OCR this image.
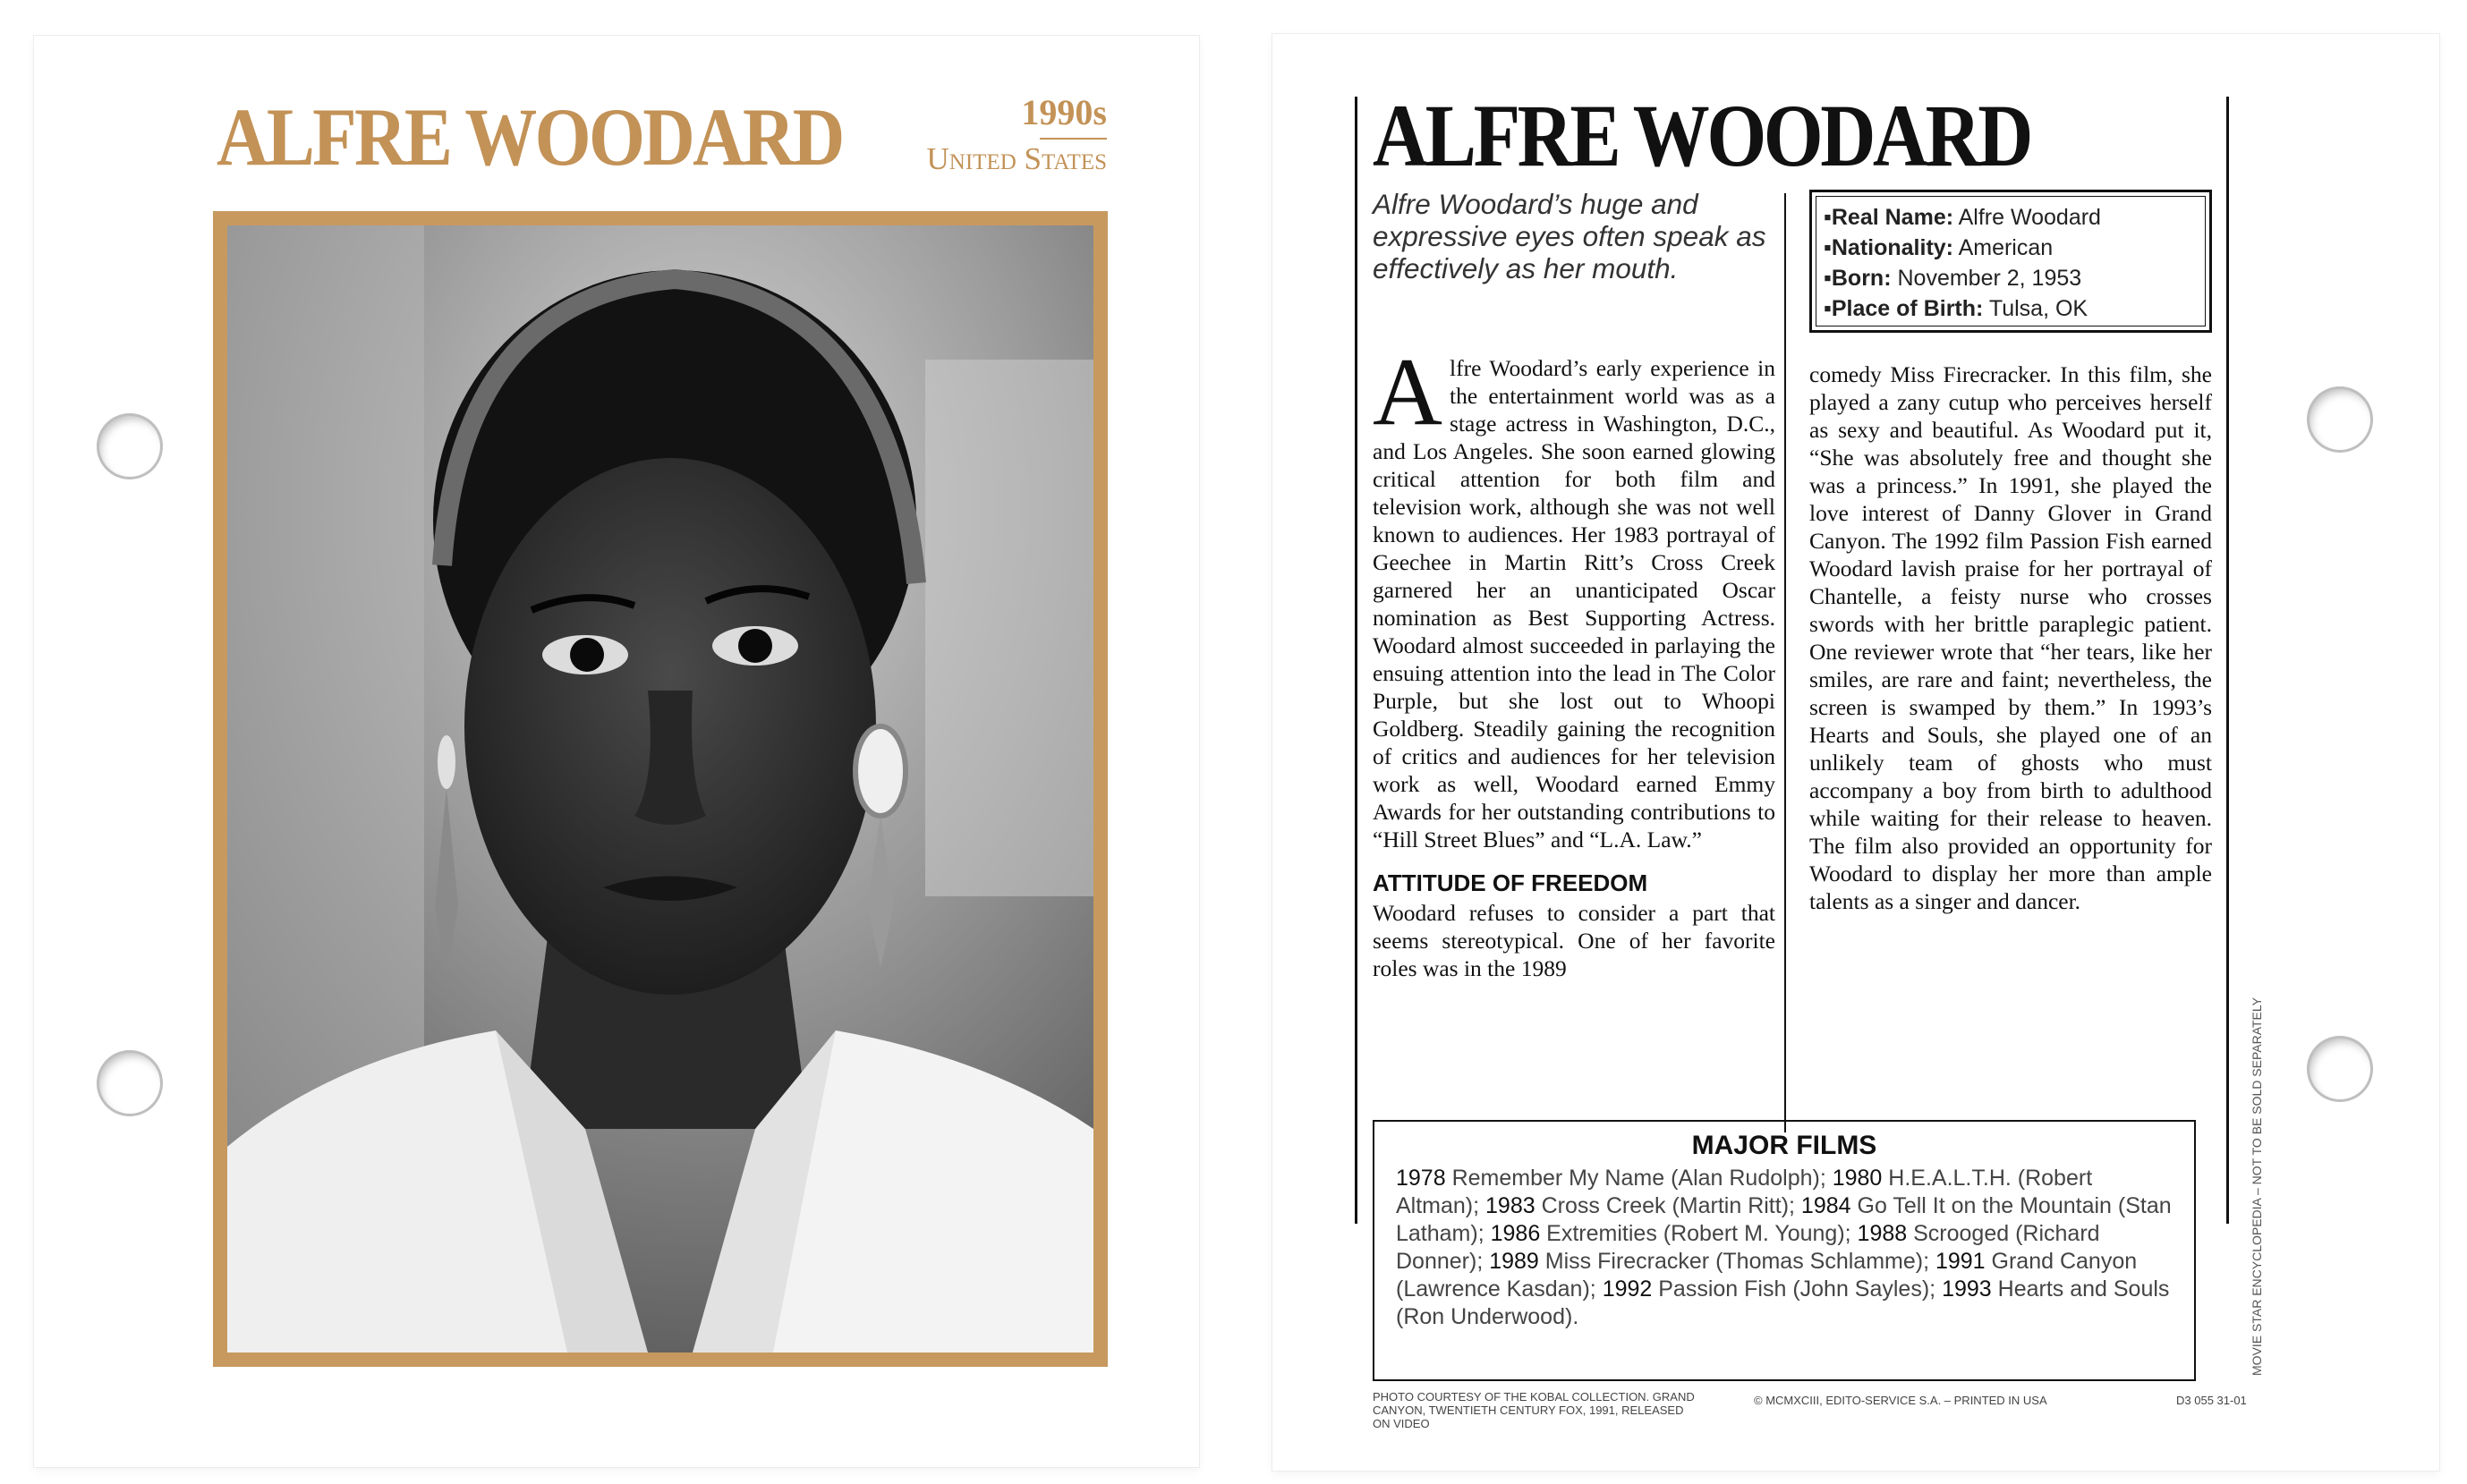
ALFRE WOODARD	1990s
United States	ALFRE WOODARD
Alfre Woodard’s huge and expressive eyes often speak as effectively as her mouth.
▪Real Name: Alfre Woodard
▪Nationality: American
▪Born: November 2, 1953
▪Place of Birth: Tulsa, OK
A lfre Woodard’s early experience in the entertainment world was as a stage actress in Washington, D.C., and Los Angeles. She soon earned glowing critical attention for both film and television work, although she was not well known to audiences. Her 1983 portrayal of Geechee in Martin Ritt’s Cross Creek garnered her an unanticipated Oscar nomination as Best Supporting Actress. Woodard almost succeeded in parlaying the ensuing attention into the lead in The Color Purple, but she lost out to Whoopi Goldberg. Steadily gaining the recognition of critics and audiences for her television work as well, Woodard earned Emmy Awards for her outstanding contributions to “Hill Street Blues” and “L.A. Law.”
ATTITUDE OF FREEDOM
Woodard refuses to consider a part that seems stereotypical. One of her favorite roles was in the 1989
comedy Miss Firecracker. In this film, she played a zany cutup who perceives herself as sexy and beautiful. As Woodard put it, “She was absolutely free and thought she was a princess.” In 1991, she played the love interest of Danny Glover in Grand Canyon. The 1992 film Passion Fish earned Woodard lavish praise for her portrayal of Chantelle, a feisty nurse who crosses swords with her brittle paraplegic patient. One reviewer wrote that “her tears, like her smiles, are rare and faint; nevertheless, the screen is swamped by them.” In 1993’s Hearts and Souls, she played one of an unlikely team of ghosts who must accompany a boy from birth to adulthood while waiting for their release to heaven. The film also provided an opportunity for Woodard to display her more than ample talents as a singer and dancer.
MAJOR FILMS
1978 Remember My Name (Alan Rudolph); 1980 H.E.A.L.T.H. (Robert Altman); 1983 Cross Creek (Martin Ritt); 1984 Go Tell It on the Mountain (Stan Latham); 1986 Extremities (Robert M. Young); 1988 Scrooged (Richard Donner); 1989 Miss Firecracker (Thomas Schlamme); 1991 Grand Canyon (Lawrence Kasdan); 1992 Passion Fish (John Sayles); 1993 Hearts and Souls (Ron Underwood).
PHOTO COURTESY OF THE KOBAL COLLECTION. GRAND CANYON, TWENTIETH CENTURY FOX, 1991, RELEASED ON VIDEO
© MCMXCIII, EDITO-SERVICE S.A. – PRINTED IN USA	D3 055 31-01
MOVIE STAR ENCYCLOPEDIA – NOT TO BE SOLD SEPARATELY
